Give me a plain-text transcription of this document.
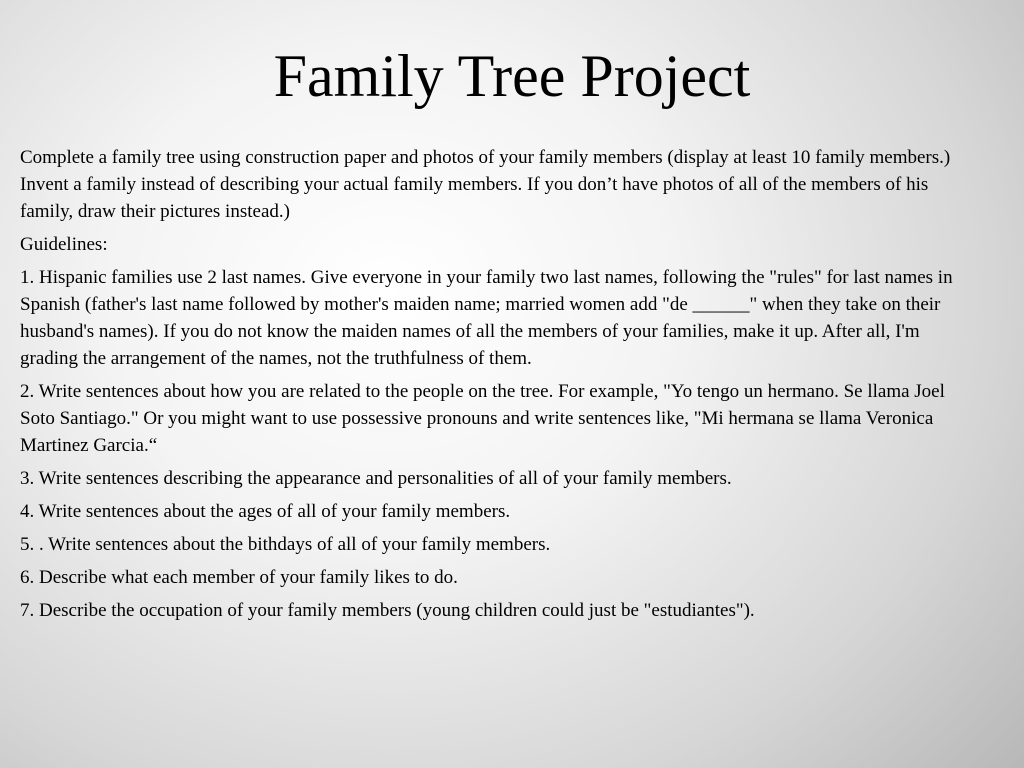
Family Tree Project

Complete a family tree using construction paper and photos of your family members (display at least 10 family members.) Invent a family instead of describing your actual family members. If you don’t have photos of all of the members of his family, draw their pictures instead.)

Guidelines:

1. Hispanic families use 2 last names. Give everyone in your family two last names, following the "rules" for last names in Spanish (father's last name followed by mother's maiden name; married women add "de ______" when they take on their husband's names). If you do not know the maiden names of all the members of your families, make it up. After all, I'm grading the arrangement of the names, not the truthfulness of them.

2. Write sentences about how you are related to the people on the tree. For example, "Yo tengo un hermano. Se llama Joel Soto Santiago." Or you might want to use possessive pronouns and write sentences like, "Mi hermana se llama Veronica Martinez Garcia.“

3. Write sentences describing the appearance and personalities of all of your family members.

4. Write sentences about the ages of all of your family members.

5. . Write sentences about the bithdays of all of your family members.

6. Describe what each member of your family likes to do.

7. Describe the occupation of your family members (young children could just be "estudiantes").
